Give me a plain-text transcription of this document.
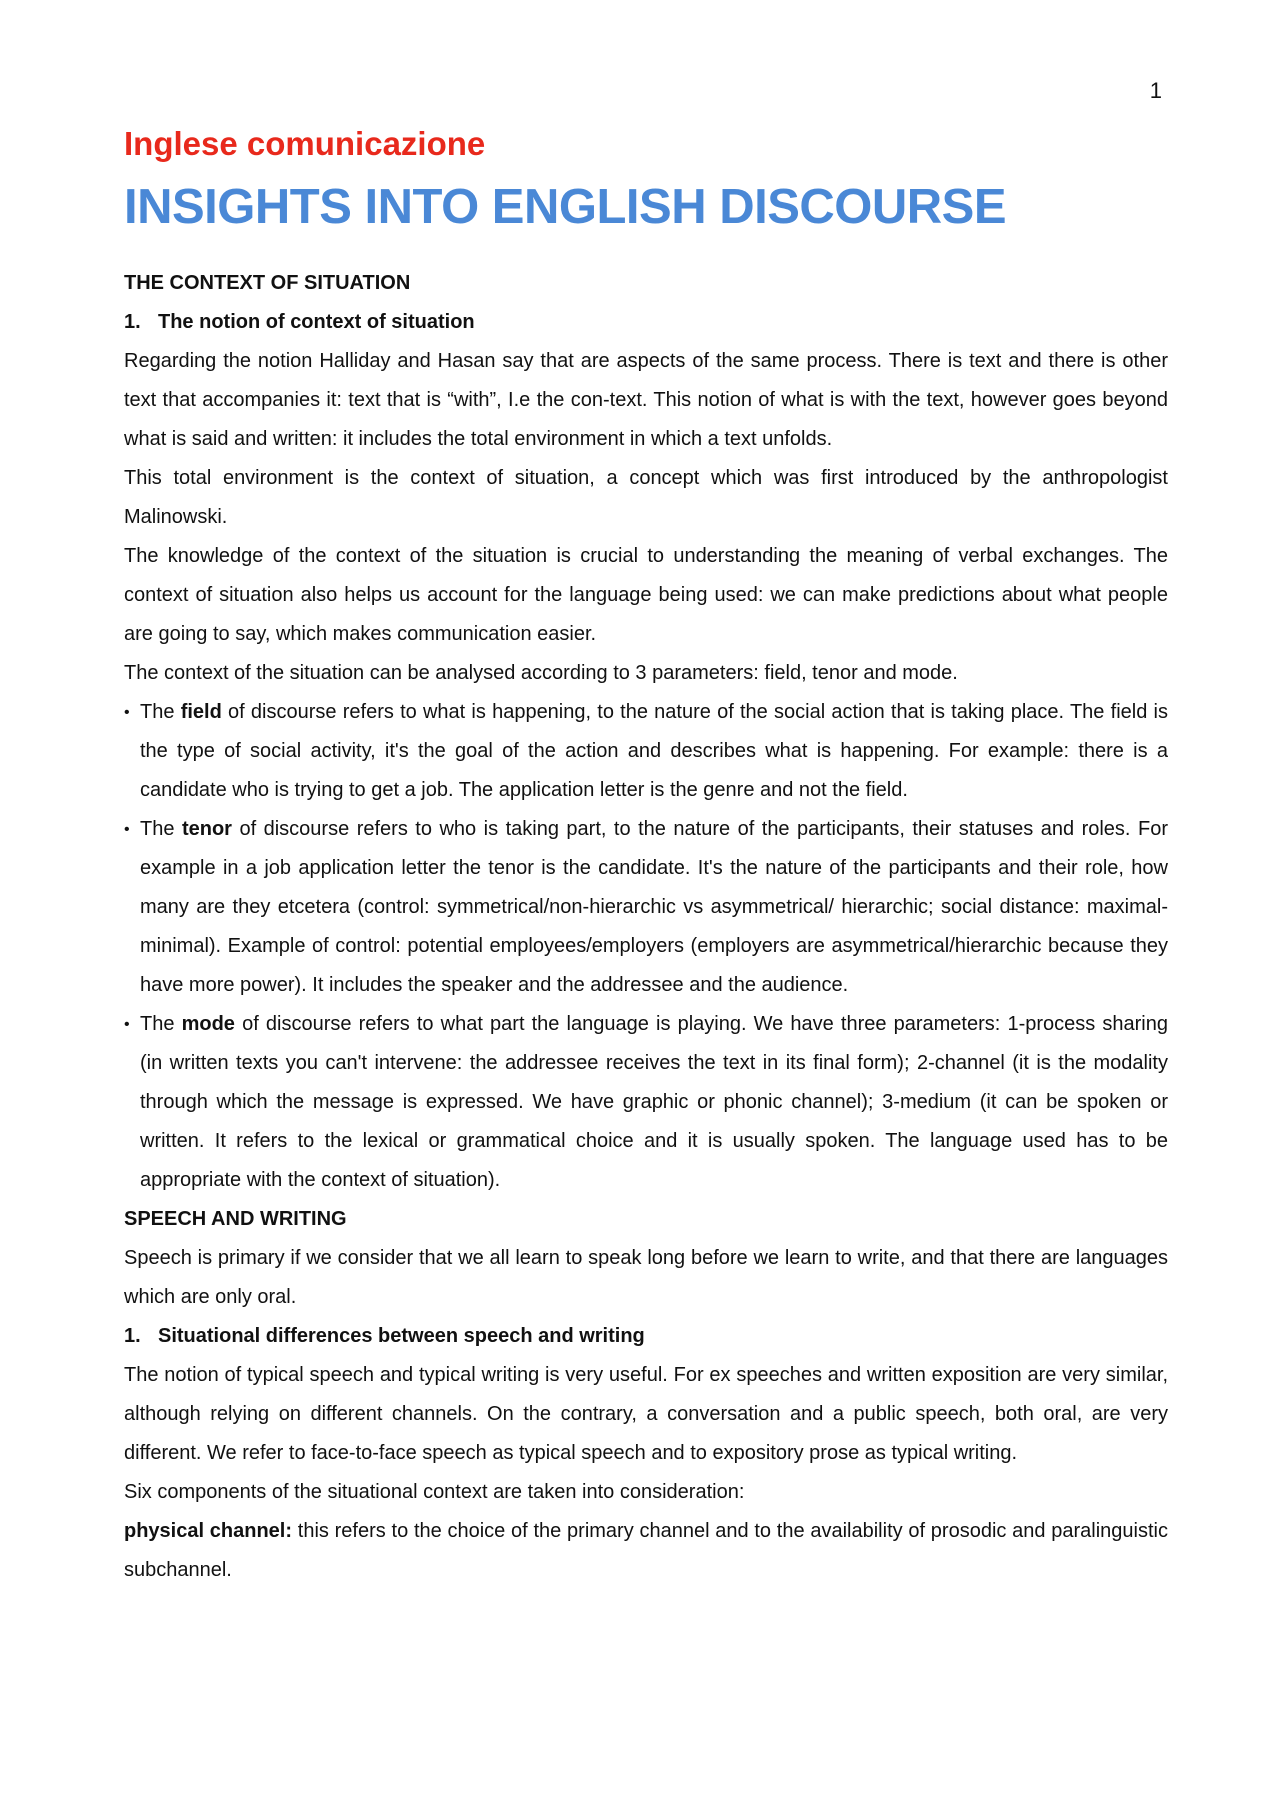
1
Inglese comunicazione
INSIGHTS INTO ENGLISH DISCOURSE
THE CONTEXT OF SITUATION
1. The notion of context of situation

Regarding the notion Halliday and Hasan say that are aspects of the same process. There is text and there is other text that accompanies it: text that is “with”, I.e the con-text. This notion of what is with the text, however goes beyond what is said and written: it includes the total environment in which a text unfolds.

This total environment is the context of situation, a concept which was first introduced by the anthropologist Malinowski.

The knowledge of the context of the situation is crucial to understanding the meaning of verbal exchanges. The context of situation also helps us account for the language being used: we can make predictions about what people are going to say, which makes communication easier.

The context of the situation can be analysed according to 3 parameters: field, tenor and mode.

• The field of discourse refers to what is happening, to the nature of the social action that is taking place. The field is the type of social activity, it's the goal of the action and describes what is happening. For example: there is a candidate who is trying to get a job. The application letter is the genre and not the field.
• The tenor of discourse refers to who is taking part, to the nature of the participants, their statuses and roles. For example in a job application letter the tenor is the candidate. It's the nature of the participants and their role, how many are they etcetera (control: symmetrical/non-hierarchic vs asymmetrical/ hierarchic; social distance: maximal-minimal). Example of control: potential employees/employers (employers are asymmetrical/hierarchic because they have more power). It includes the speaker and the addressee and the audience.
• The mode of discourse refers to what part the language is playing. We have three parameters: 1-process sharing (in written texts you can't intervene: the addressee receives the text in its final form); 2-channel (it is the modality through which the message is expressed. We have graphic or phonic channel); 3-medium (it can be spoken or written. It refers to the lexical or grammatical choice and it is usually spoken. The language used has to be appropriate with the context of situation).
SPEECH AND WRITING

Speech is primary if we consider that we all learn to speak long before we learn to write, and that there are languages which are only oral.

1. Situational differences between speech and writing

The notion of typical speech and typical writing is very useful. For ex speeches and written exposition are very similar, although relying on different channels. On the contrary, a conversation and a public speech, both oral, are very different. We refer to face-to-face speech as typical speech and to expository prose as typical writing.

Six components of the situational context are taken into consideration:

physical channel: this refers to the choice of the primary channel and to the availability of prosodic and paralinguistic subchannel.
